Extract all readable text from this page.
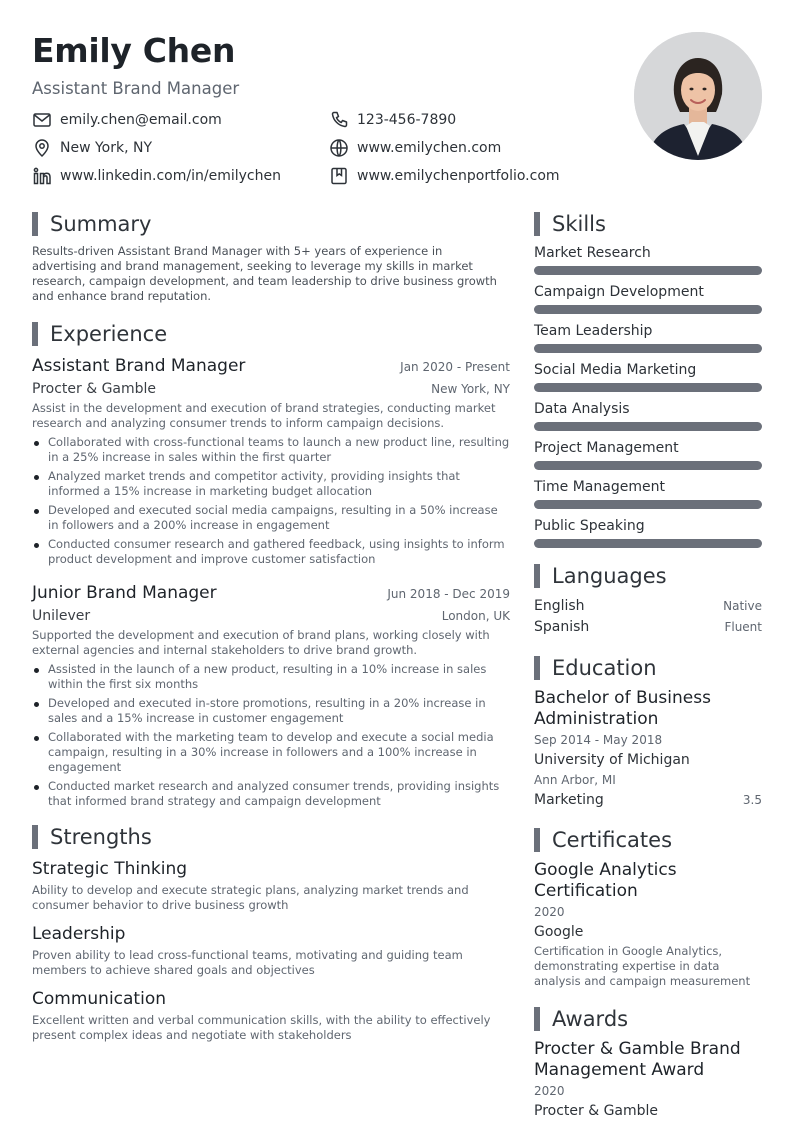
Emily Chen
Assistant Brand Manager
emily.chen@email.com	123-456-7890
New York, NY	www.emilychen.com
www.linkedin.com/in/emilychen	www.emilychenportfolio.com
Summary
Results-driven Assistant Brand Manager with 5+ years of experience in advertising and brand management, seeking to leverage my skills in market research, campaign development, and team leadership to drive business growth and enhance brand reputation.
Experience
Assistant Brand Manager	Jan 2020 - Present
Procter & Gamble	New York, NY
Assist in the development and execution of brand strategies, conducting market research and analyzing consumer trends to inform campaign decisions.
Collaborated with cross-functional teams to launch a new product line, resulting in a 25% increase in sales within the first quarter
Analyzed market trends and competitor activity, providing insights that informed a 15% increase in marketing budget allocation
Developed and executed social media campaigns, resulting in a 50% increase in followers and a 200% increase in engagement
Conducted consumer research and gathered feedback, using insights to inform product development and improve customer satisfaction
Junior Brand Manager	Jun 2018 - Dec 2019
Unilever	London, UK
Supported the development and execution of brand plans, working closely with external agencies and internal stakeholders to drive brand growth.
Assisted in the launch of a new product, resulting in a 10% increase in sales within the first six months
Developed and executed in-store promotions, resulting in a 20% increase in sales and a 15% increase in customer engagement
Collaborated with the marketing team to develop and execute a social media campaign, resulting in a 30% increase in followers and a 100% increase in engagement
Conducted market research and analyzed consumer trends, providing insights that informed brand strategy and campaign development
Strengths
Strategic Thinking
Ability to develop and execute strategic plans, analyzing market trends and consumer behavior to drive business growth
Leadership
Proven ability to lead cross-functional teams, motivating and guiding team members to achieve shared goals and objectives
Communication
Excellent written and verbal communication skills, with the ability to effectively present complex ideas and negotiate with stakeholders
Skills
Market Research
Campaign Development
Team Leadership
Social Media Marketing
Data Analysis
Project Management
Time Management
Public Speaking
Languages
English	Native
Spanish	Fluent
Education
Bachelor of Business Administration
Sep 2014 - May 2018
University of Michigan
Ann Arbor, MI
Marketing	3.5
Certificates
Google Analytics Certification
2020
Google
Certification in Google Analytics, demonstrating expertise in data analysis and campaign measurement
Awards
Procter & Gamble Brand Management Award
2020
Procter & Gamble
